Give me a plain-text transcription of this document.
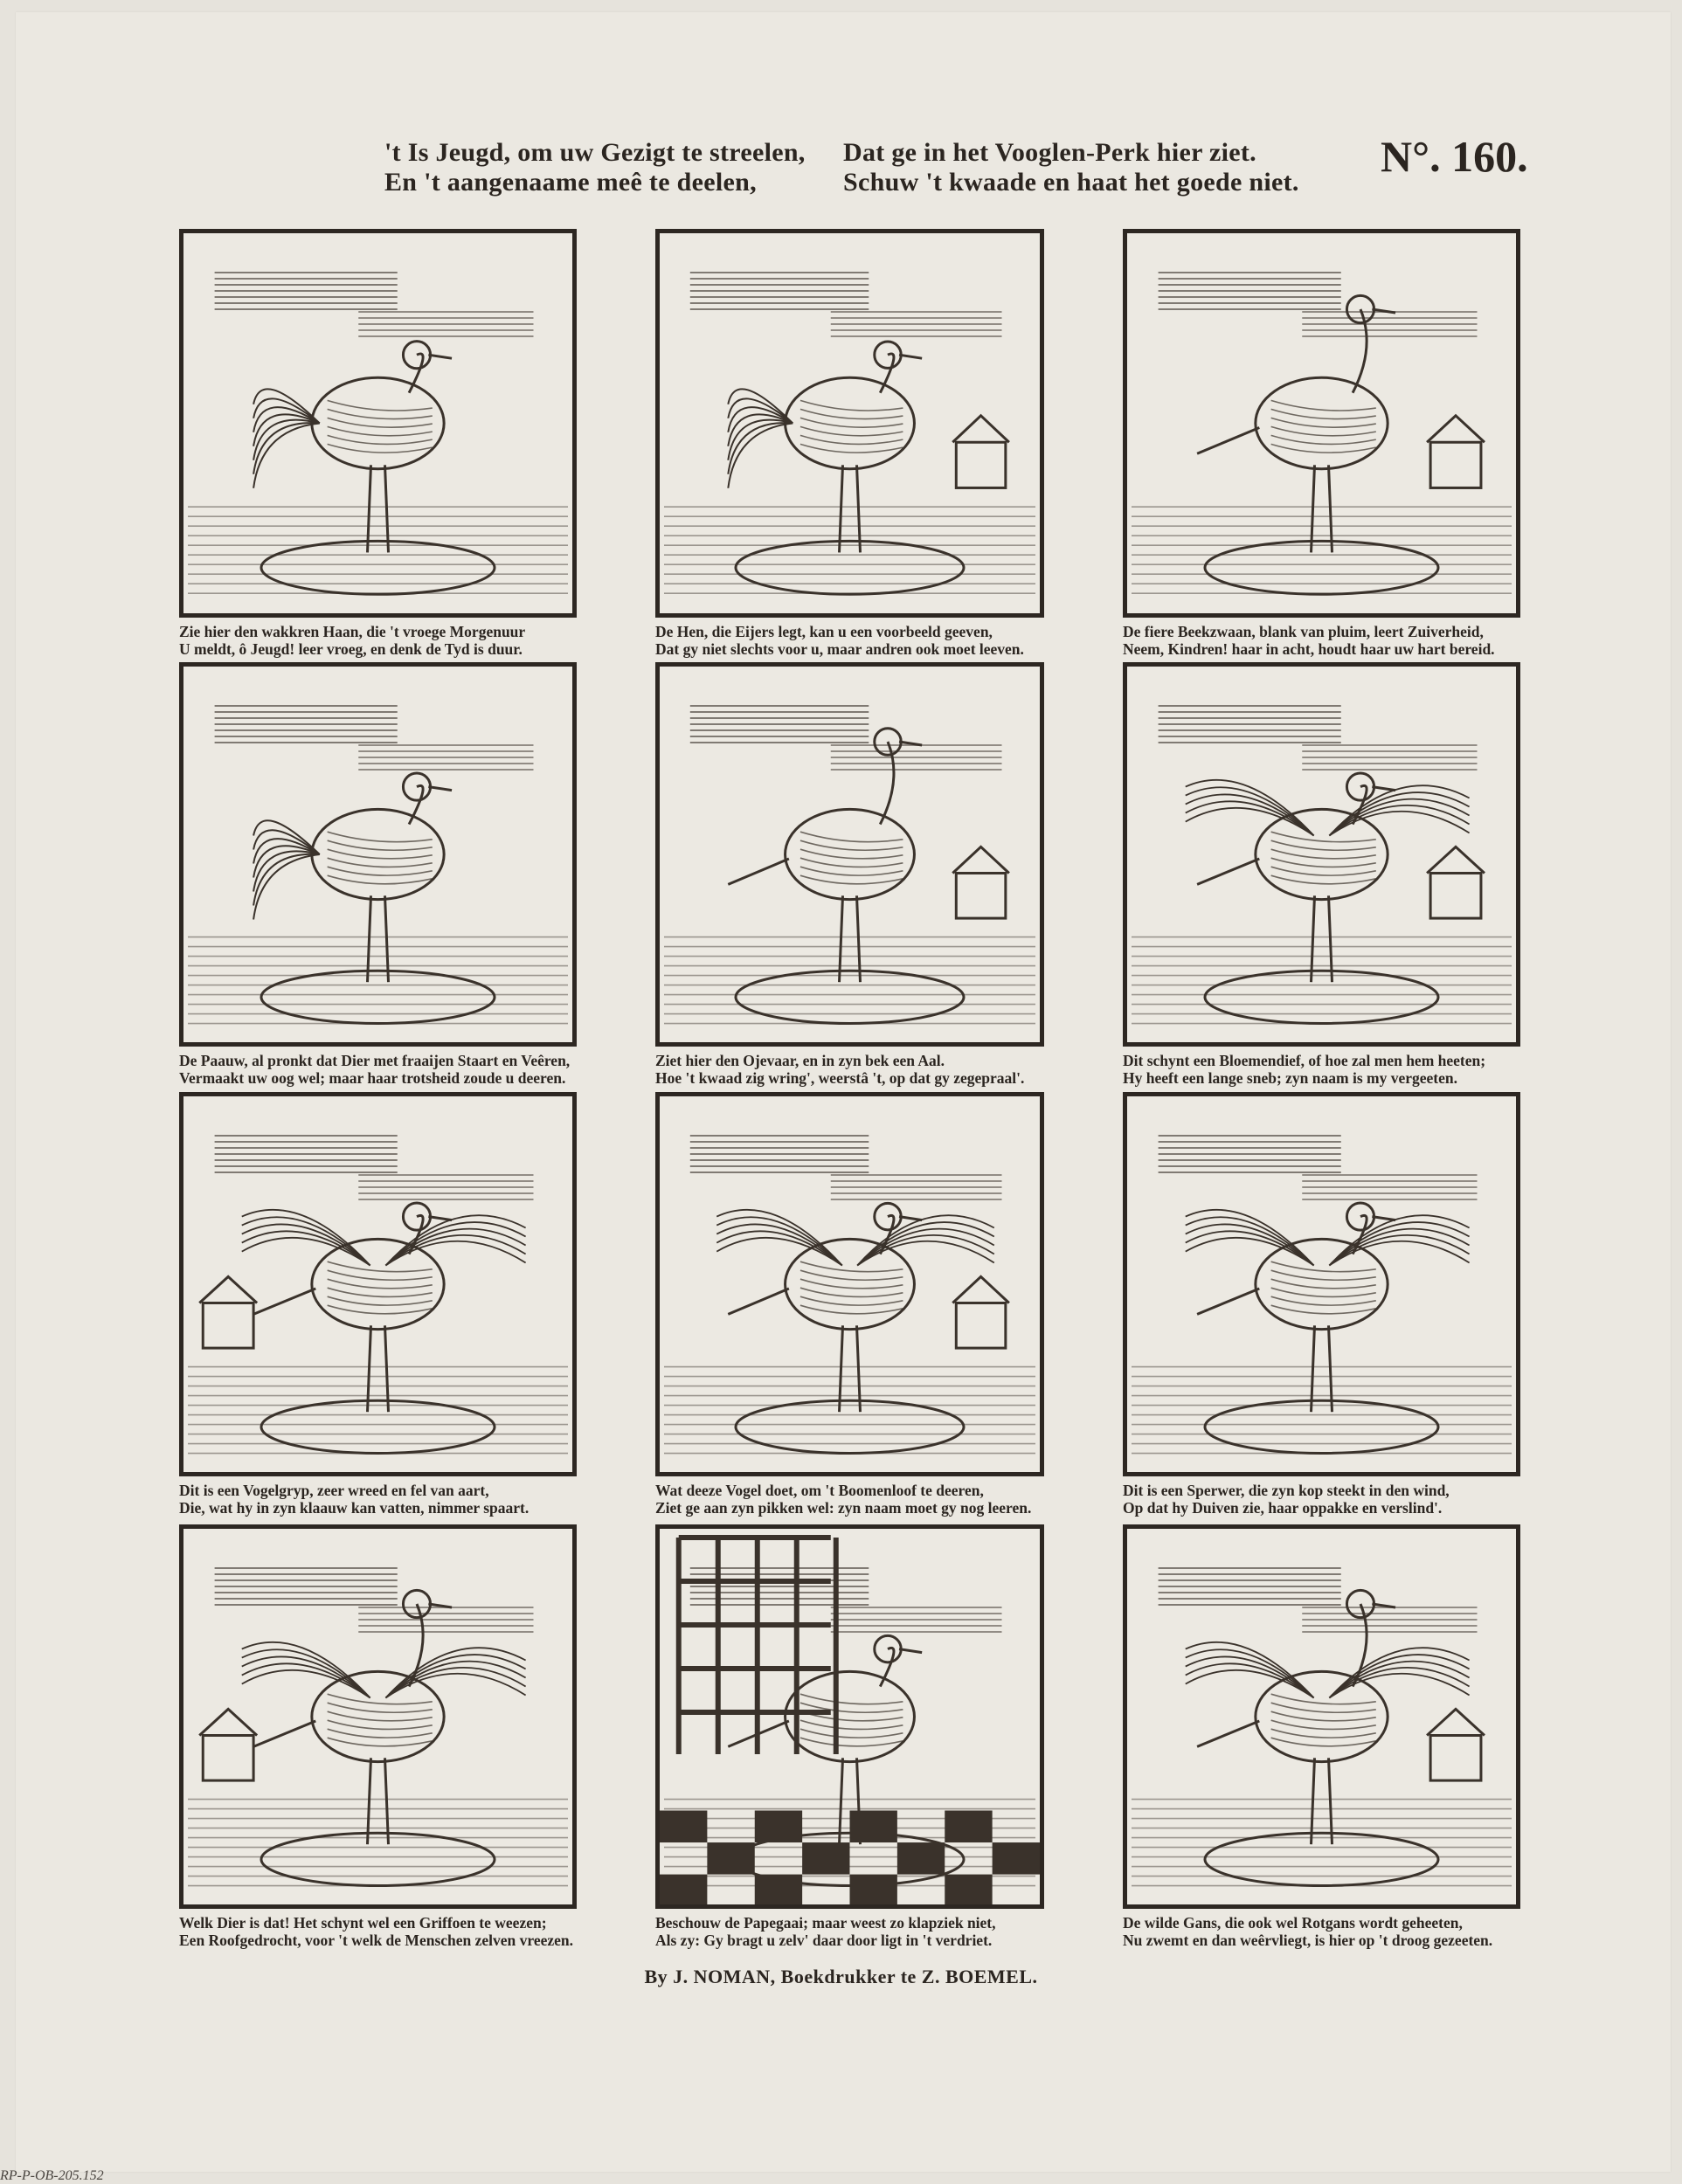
't Is Jeugd, om uw Gezigt te streelen,
En 't aangenaame meê te deelen,
Dat ge in het Vooglen-Perk hier ziet.
Schuw 't kwaade en haat het goede niet.
N°. 160.
Zie hier den wakkren Haan, die 't vroege Morgenuur
U meldt, ô Jeugd! leer vroeg, en denk de Tyd is duur.
De Hen, die Eijers legt, kan u een voorbeeld geeven,
Dat gy niet slechts voor u, maar andren ook moet leeven.
De fiere Beekzwaan, blank van pluim, leert Zuiverheid,
Neem, Kindren! haar in acht, houdt haar uw hart bereid.
De Paauw, al pronkt dat Dier met fraaijen Staart en Veêren,
Vermaakt uw oog wel; maar haar trotsheid zoude u deeren.
Ziet hier den Ojevaar, en in zyn bek een Aal.
Hoe 't kwaad zig wring', weerstâ 't, op dat gy zegepraal'.
Dit schynt een Bloemendief, of hoe zal men hem heeten;
Hy heeft een lange sneb; zyn naam is my vergeeten.
Dit is een Vogelgryp, zeer wreed en fel van aart,
Die, wat hy in zyn klaauw kan vatten, nimmer spaart.
Wat deeze Vogel doet, om 't Boomenloof te deeren,
Ziet ge aan zyn pikken wel: zyn naam moet gy nog leeren.
Dit is een Sperwer, die zyn kop steekt in den wind,
Op dat hy Duiven zie, haar oppakke en verslind'.
Welk Dier is dat! Het schynt wel een Griffoen te weezen;
Een Roofgedrocht, voor 't welk de Menschen zelven vreezen.
Beschouw de Papegaai; maar weest zo klapziek niet,
Als zy: Gy bragt u zelv' daar door ligt in 't verdriet.
De wilde Gans, die ook wel Rotgans wordt geheeten,
Nu zwemt en dan weêrvliegt, is hier op 't droog gezeeten.
By J. NOMAN, Boekdrukker te Z. BOEMEL.
RP-P-OB-205.152
